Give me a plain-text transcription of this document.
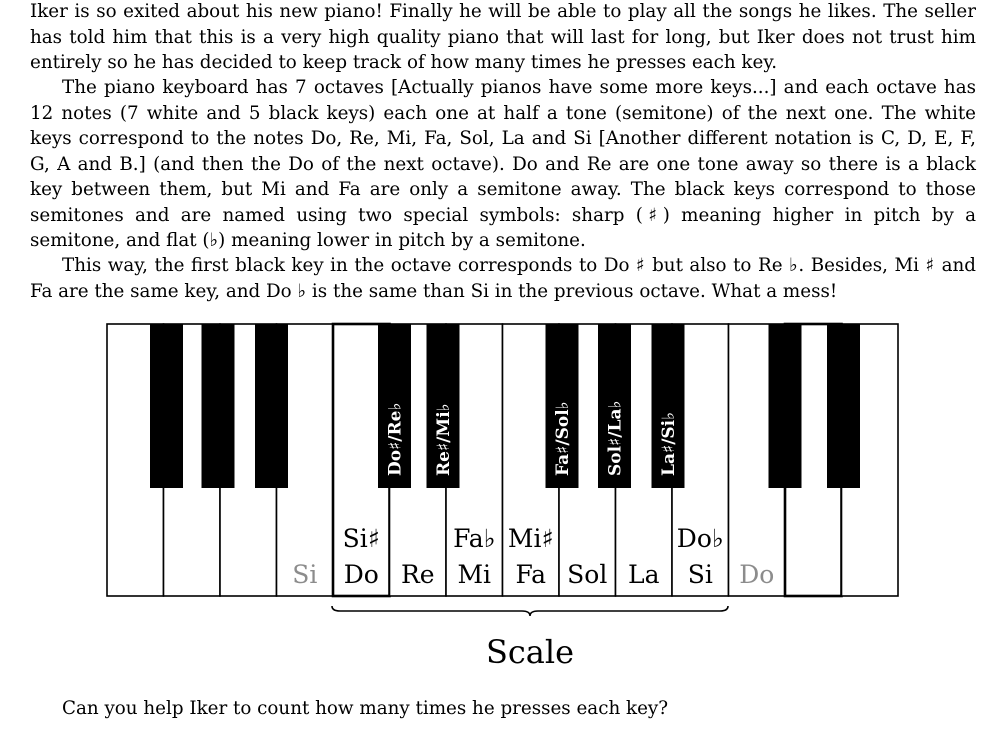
Iker is so exited about his new piano! Finally he will be able to play all the songs he likes. The seller has told him that this is a very high quality piano that will last for long, but Iker does not trust him entirely so he has decided to keep track of how many times he presses each key.

The piano keyboard has 7 octaves [Actually pianos have some more keys...] and each octave has 12 notes (7 white and 5 black keys) each one at half a tone (semitone) of the next one. The white keys correspond to the notes Do, Re, Mi, Fa, Sol, La and Si [Another different notation is C, D, E, F, G, A and B.] (and then the Do of the next octave). Do and Re are one tone away so there is a black key between them, but Mi and Fa are only a semitone away. The black keys correspond to those semitones and are named using two special symbols: sharp (♯) meaning higher in pitch by a semitone, and flat (♭) meaning lower in pitch by a semitone.

This way, the first black key in the octave corresponds to Do ♯ but also to Re ♭. Besides, Mi ♯ and Fa are the same key, and Do ♭ is the same than Si in the previous octave. What a mess!

Si Do Re Mi Fa Sol La Si Do
Si♯	Fa♭ Mi♯	Do♭
Do♯/Re♭ Re♯/Mi♭	Fa♯/Sol♭ Sol♯/La♭ La♯/Si♭
Scale

Can you help Iker to count how many times he presses each key?
